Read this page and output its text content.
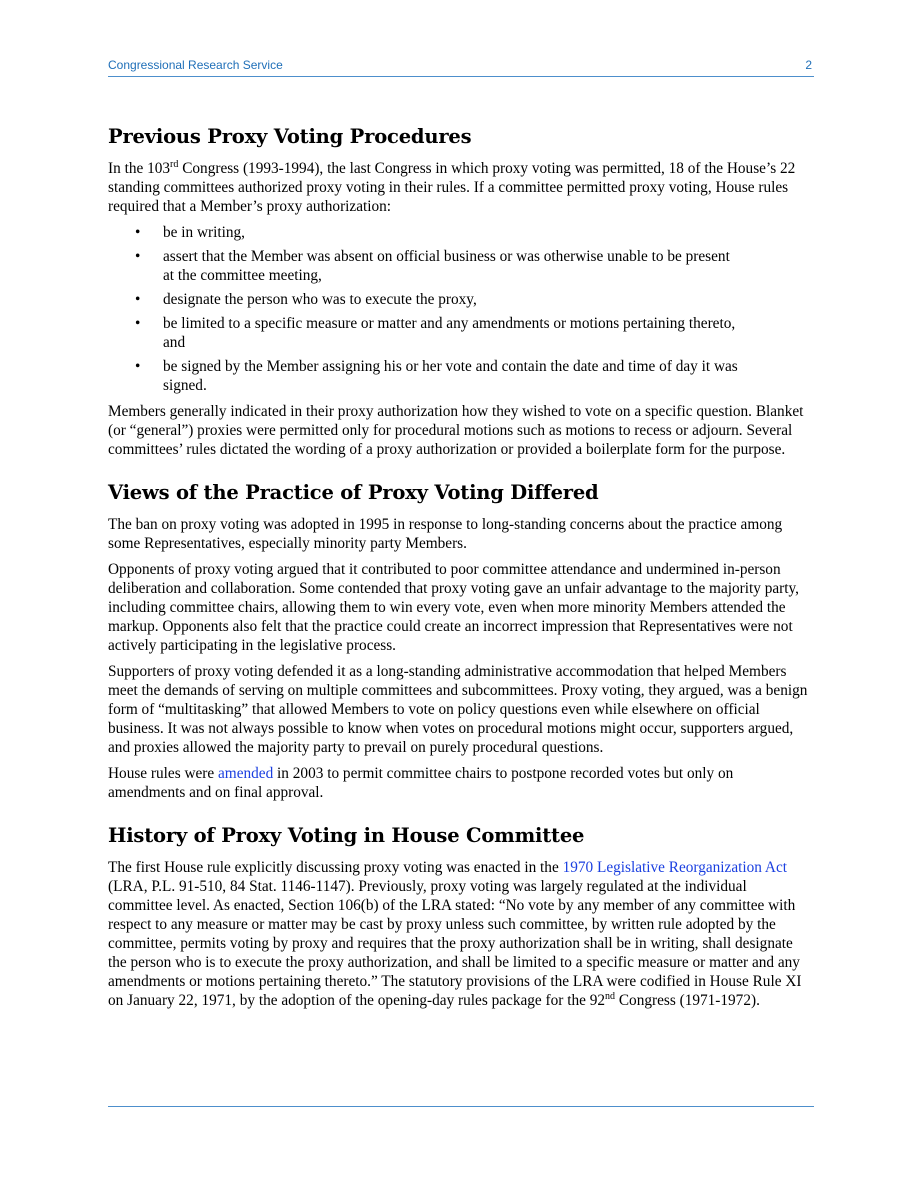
Congressional Research Service	2
Previous Proxy Voting Procedures

In the 103rd Congress (1993-1994), the last Congress in which proxy voting was permitted, 18 of the House’s 22 standing committees authorized proxy voting in their rules. If a committee permitted proxy voting, House rules required that a Member’s proxy authorization:

• be in writing,
• assert that the Member was absent on official business or was otherwise unable to be present at the committee meeting,
• designate the person who was to execute the proxy,
• be limited to a specific measure or matter and any amendments or motions pertaining thereto, and
• be signed by the Member assigning his or her vote and contain the date and time of day it was signed.

Members generally indicated in their proxy authorization how they wished to vote on a specific question. Blanket (or “general”) proxies were permitted only for procedural motions such as motions to recess or adjourn. Several committees’ rules dictated the wording of a proxy authorization or provided a boilerplate form for the purpose.

Views of the Practice of Proxy Voting Differed

The ban on proxy voting was adopted in 1995 in response to long-standing concerns about the practice among some Representatives, especially minority party Members.

Opponents of proxy voting argued that it contributed to poor committee attendance and undermined in-person deliberation and collaboration. Some contended that proxy voting gave an unfair advantage to the majority party, including committee chairs, allowing them to win every vote, even when more minority Members attended the markup. Opponents also felt that the practice could create an incorrect impression that Representatives were not actively participating in the legislative process.

Supporters of proxy voting defended it as a long-standing administrative accommodation that helped Members meet the demands of serving on multiple committees and subcommittees. Proxy voting, they argued, was a benign form of “multitasking” that allowed Members to vote on policy questions even while elsewhere on official business. It was not always possible to know when votes on procedural motions might occur, supporters argued, and proxies allowed the majority party to prevail on purely procedural questions.

House rules were amended in 2003 to permit committee chairs to postpone recorded votes but only on amendments and on final approval.

History of Proxy Voting in House Committee

The first House rule explicitly discussing proxy voting was enacted in the 1970 Legislative Reorganization Act (LRA, P.L. 91-510, 84 Stat. 1146-1147). Previously, proxy voting was largely regulated at the individual committee level. As enacted, Section 106(b) of the LRA stated: “No vote by any member of any committee with respect to any measure or matter may be cast by proxy unless such committee, by written rule adopted by the committee, permits voting by proxy and requires that the proxy authorization shall be in writing, shall designate the person who is to execute the proxy authorization, and shall be limited to a specific measure or matter and any amendments or motions pertaining thereto.” The statutory provisions of the LRA were codified in House Rule XI on January 22, 1971, by the adoption of the opening-day rules package for the 92nd Congress (1971-1972).
